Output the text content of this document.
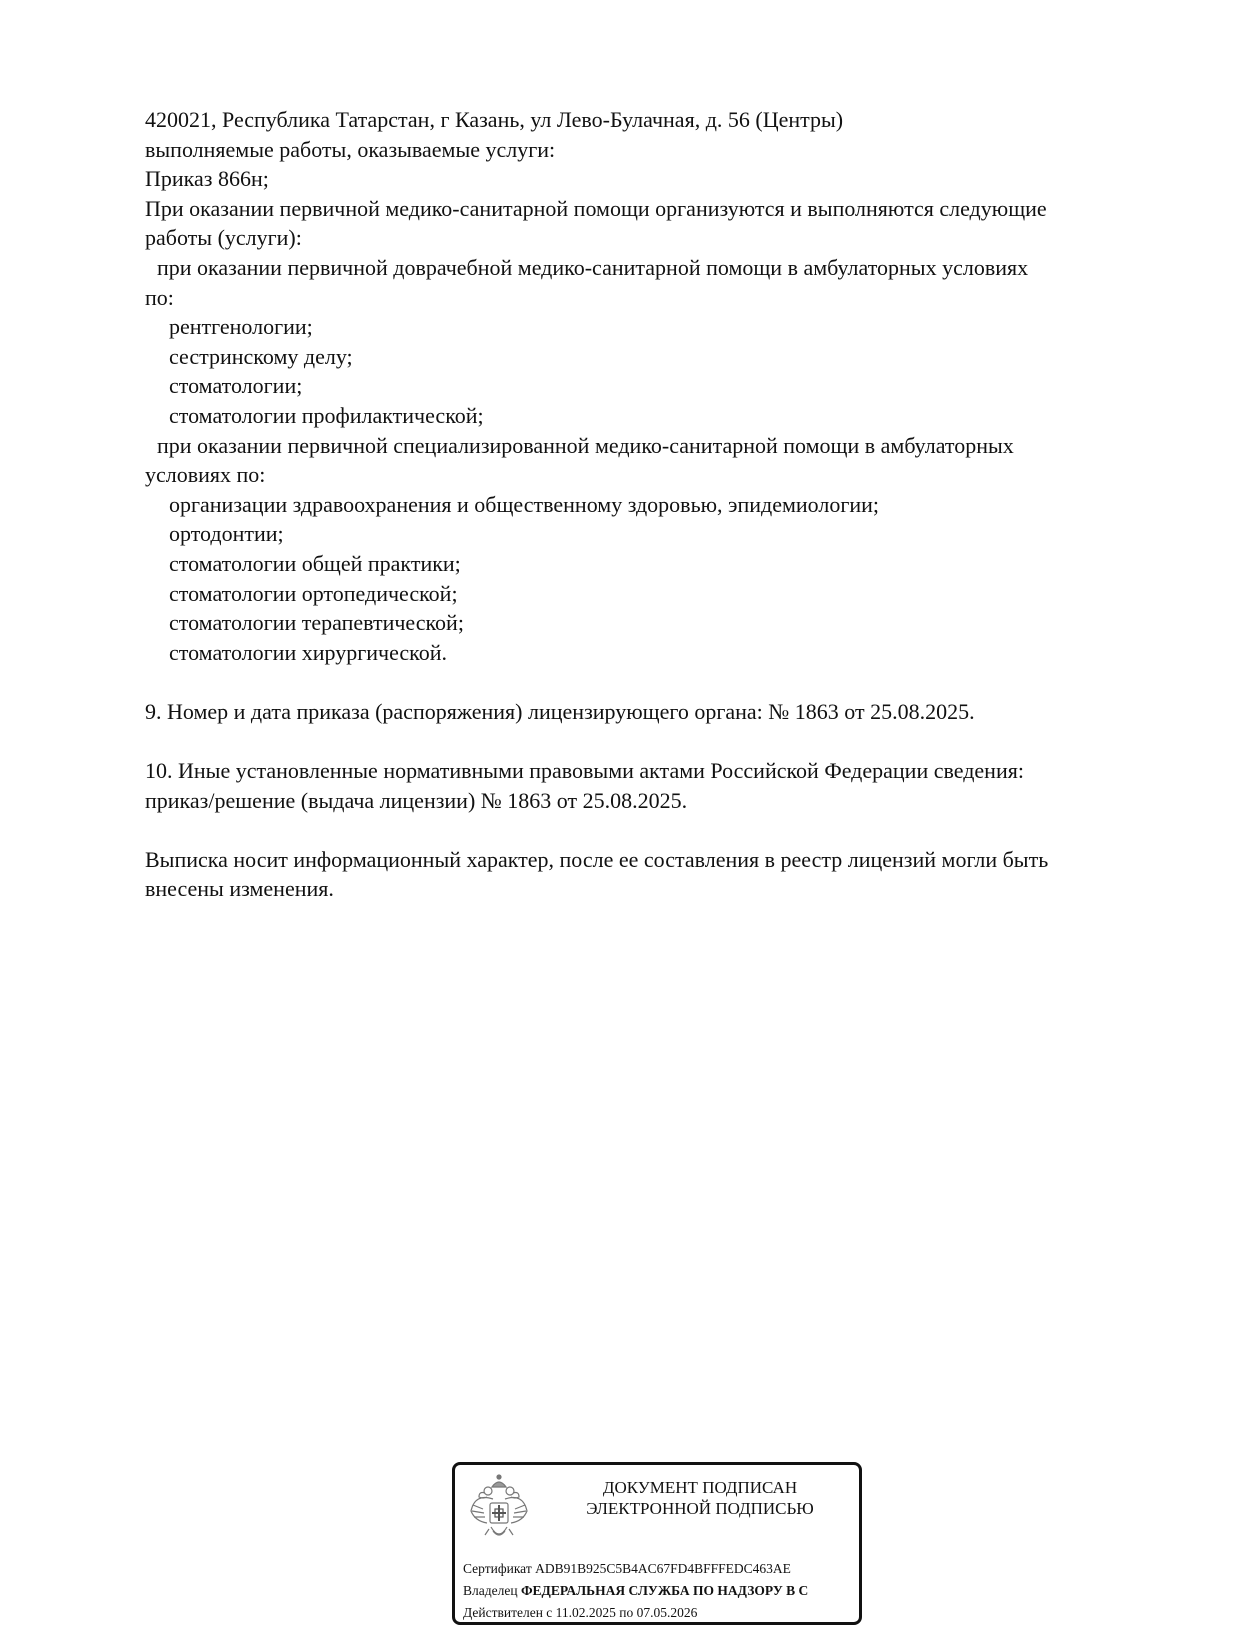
420021, Республика Татарстан, г Казань, ул Лево-Булачная, д. 56 (Центры)
выполняемые работы, оказываемые услуги:
Приказ 866н;
При оказании первичной медико-санитарной помощи организуются и выполняются следующие
работы (услуги):
при оказании первичной доврачебной медико-санитарной помощи в амбулаторных условиях
по:
рентгенологии;
сестринскому делу;
стоматологии;
стоматологии профилактической;
при оказании первичной специализированной медико-санитарной помощи в амбулаторных
условиях по:
организации здравоохранения и общественному здоровью, эпидемиологии;
ортодонтии;
стоматологии общей практики;
стоматологии ортопедической;
стоматологии терапевтической;
стоматологии хирургической.
9. Номер и дата приказа (распоряжения) лицензирующего органа: № 1863 от 25.08.2025.
10. Иные установленные нормативными правовыми актами Российской Федерации сведения:
приказ/решение (выдача лицензии) № 1863 от 25.08.2025.
Выписка носит информационный характер, после ее составления в реестр лицензий могли быть
внесены изменения.
ДОКУМЕНТ ПОДПИСАН
ЭЛЕКТРОННОЙ ПОДПИСЬЮ
Сертификат ADB91B925C5B4AC67FD4BFFFEDC463AE
Владелец ФЕДЕРАЛЬНАЯ СЛУЖБА ПО НАДЗОРУ В С
Действителен с 11.02.2025 по 07.05.2026
